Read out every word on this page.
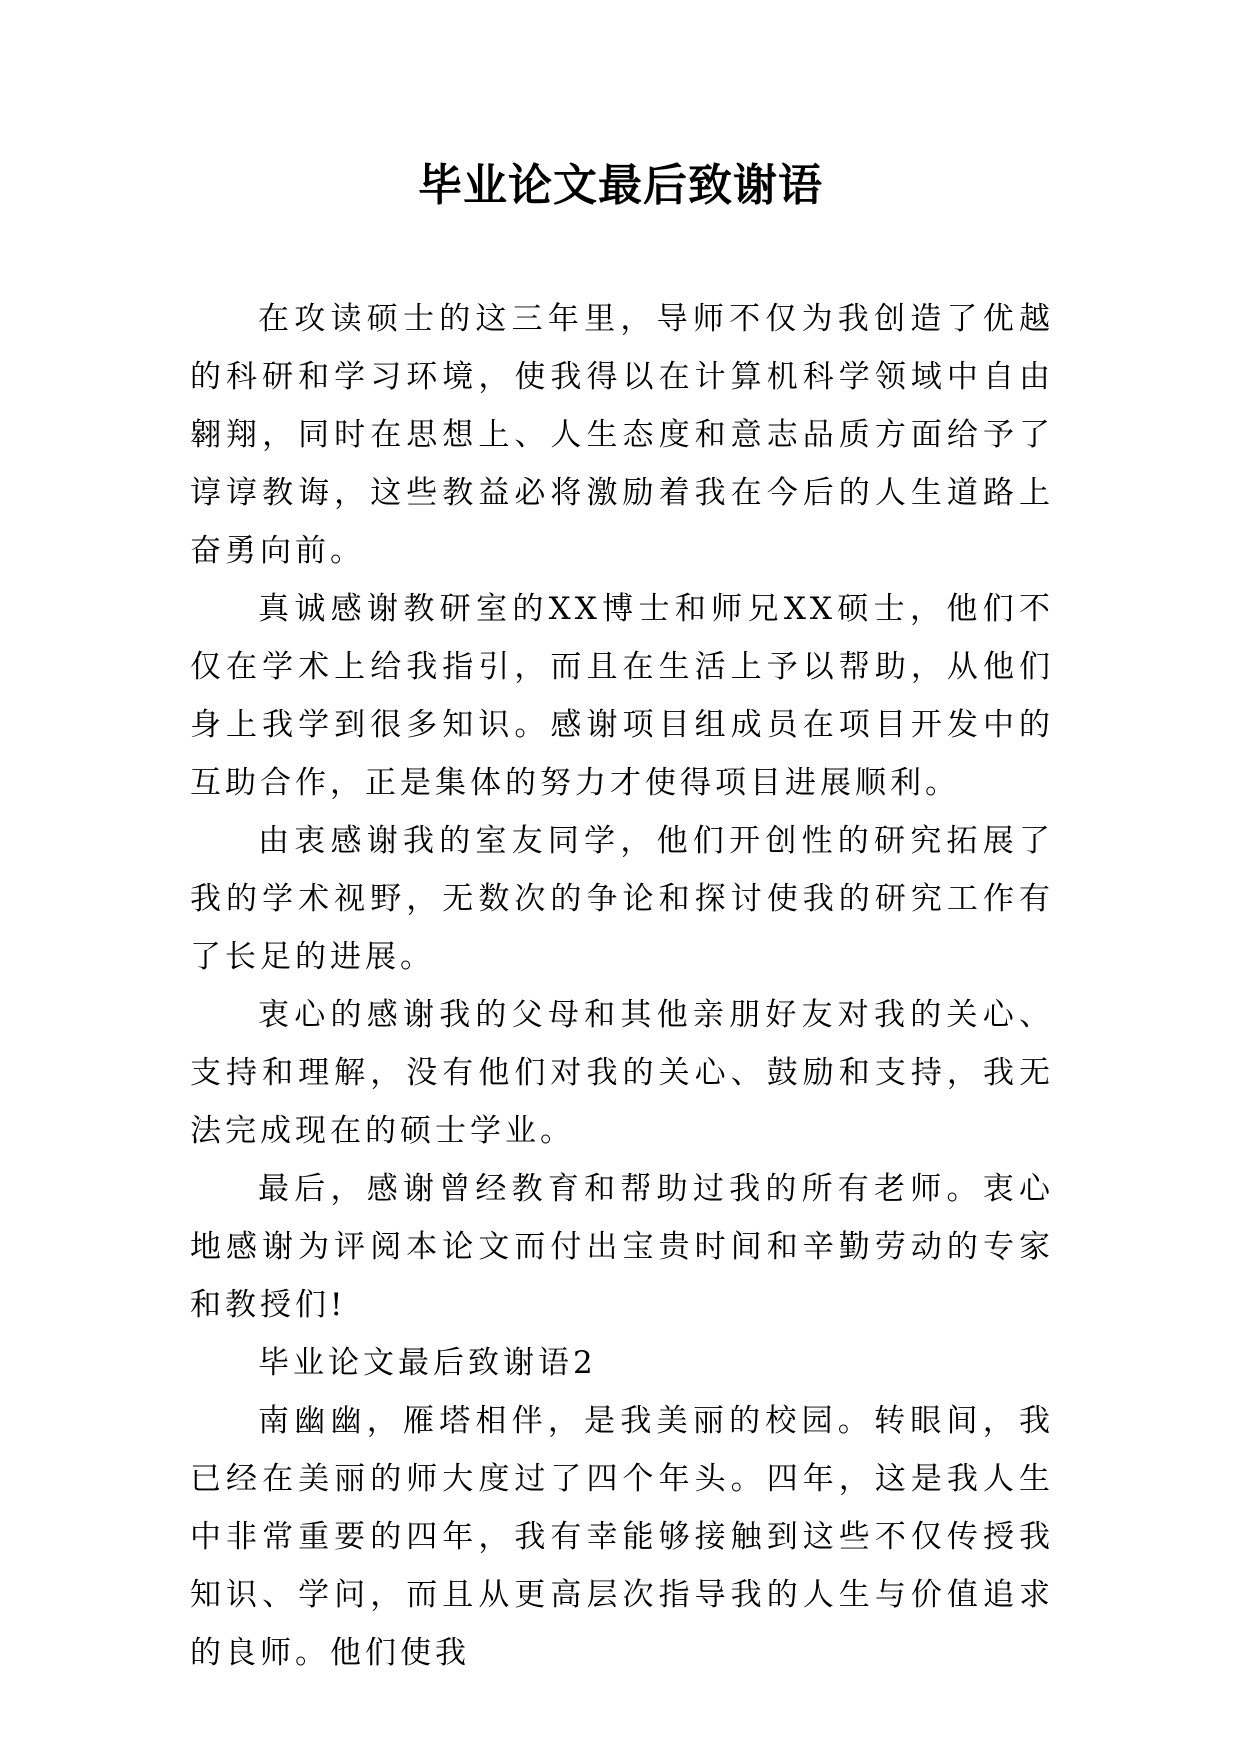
毕业论文最后致谢语

在攻读硕士的这三年里，导师不仅为我创造了优越的科研和学习环境，使我得以在计算机科学领域中自由翱翔，同时在思想上、人生态度和意志品质方面给予了谆谆教诲，这些教益必将激励着我在今后的人生道路上奋勇向前。

真诚感谢教研室的XX博士和师兄XX硕士，他们不仅在学术上给我指引，而且在生活上予以帮助，从他们身上我学到很多知识。感谢项目组成员在项目开发中的互助合作，正是集体的努力才使得项目进展顺利。

由衷感谢我的室友同学，他们开创性的研究拓展了我的学术视野，无数次的争论和探讨使我的研究工作有了长足的进展。

衷心的感谢我的父母和其他亲朋好友对我的关心、支持和理解，没有他们对我的关心、鼓励和支持，我无法完成现在的硕士学业。

最后，感谢曾经教育和帮助过我的所有老师。衷心地感谢为评阅本论文而付出宝贵时间和辛勤劳动的专家和教授们!

毕业论文最后致谢语2

南幽幽，雁塔相伴，是我美丽的校园。转眼间，我已经在美丽的师大度过了四个年头。四年，这是我人生中非常重要的四年，我有幸能够接触到这些不仅传授我知识、学问，而且从更高层次指导我的人生与价值追求的良师。他们使我
